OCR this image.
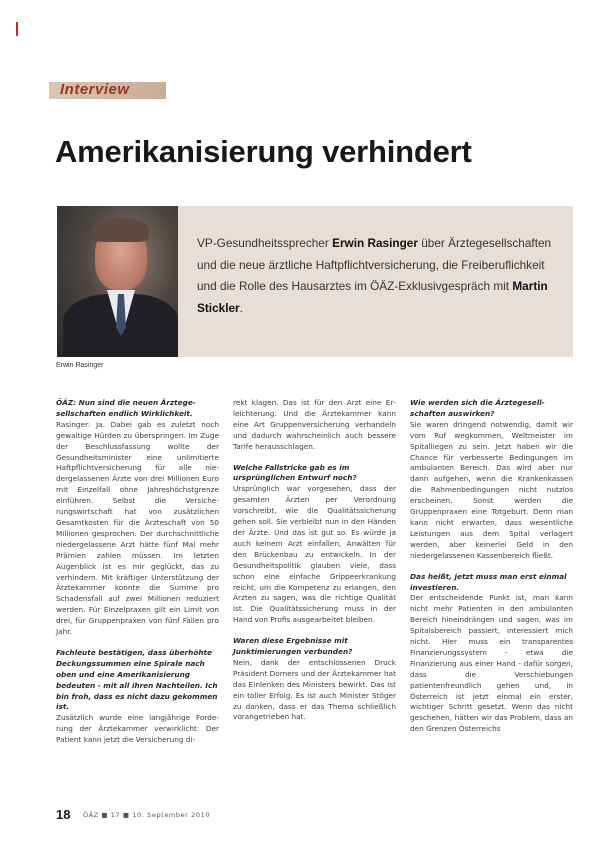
Interview
Amerikanisierung verhindert
VP-Gesundheitssprecher Erwin Rasinger über Ärztegesellschaften und die neue ärztliche Haftpflichtversicherung, die Freiberuflichkeit und die Rolle des Hausarztes im ÖÄZ-Exklusivgespräch mit Martin Stickler.
Erwin Rasinger

ÖÄZ: Nun sind die neuen Ärztegesellschaften endlich Wirklichkeit.

Rasinger: Ja. Dabei gab es zuletzt noch gewaltige Hürden zu überspringen. Im Zuge der Beschlussfassung wollte der Gesundheitsminister eine unlimitierte Haftpflichtversicherung für alle niedergelassenen Ärzte von drei Millionen Euro mit Einzelfall ohne Jahreshöchstgrenze einführen. Selbst die Versicherungswirtschaft hat von zusätzlichen Gesamtkosten für die Ärzteschaft von 50 Millionen gesprochen. Der durchschnittliche niedergelassene Arzt hätte fünf Mal mehr Prämien zahlen müssen. Im letzten Augenblick ist es mir geglückt, das zu verhindern. Mit kräftiger Unterstützung der Ärztekammer konnte die Summe pro Schadensfall auf zwei Millionen reduziert werden. Für Einzelpraxen gilt ein Limit von drei, für Gruppenpraxen von fünf Fällen pro Jahr.

Fachleute bestätigen, dass überhöhte Deckungssummen eine Spirale nach oben und eine Amerikanisierung bedeuten - mit all ihren Nachteilen. Ich bin froh, dass es nicht dazu gekommen ist.

Zusätzlich wurde eine langjährige Forderung der Ärztekammer verwirklicht: Der Patient kann jetzt die Versicherung di-

rekt klagen. Das ist für den Arzt eine Erleichterung. Und die Ärztekammer kann eine Art Gruppenversicherung verhandeln und dadurch wahrscheinlich auch bessere Tarife herausschlagen.

Welche Fallstricke gab es im ursprünglichen Entwurf noch?

Ursprünglich war vorgesehen, dass der gesamten Ärzten per Verordnung vorschreibt, wie die Qualitätssicherung gehen soll. Sie verbleibt nun in den Händen der Ärzte. Und das ist gut so. Es würde ja auch keinem Arzt einfallen, Anwälten für den Brückenbau zu entwickeln. In der Gesundheitspolitik glauben viele, dass schon eine einfache Grippeerkrankung reicht, um die Kompetenz zu erlangen, den Ärzten zu sagen, was die richtige Qualität ist. Die Qualitätssicherung muss in der Hand von Profis ausgearbeitet bleiben.

Waren diese Ergebnisse mit Junktimierungen verbunden?

Nein, dank der entschlossenen Druck Präsident Dorners und der Ärztekammer hat das Einlenken des Ministers bewirkt. Das ist ein toller Erfolg. Es ist auch Minister Stöger zu danken, dass er das Thema schließlich vorangetrieben hat.

Wie werden sich die Ärztegesellschaften auswirken?

Sie waren dringend notwendig, damit wir vom Ruf wegkommen, Weltmeister im Spitalliegen zu sein. Jetzt haben wir die Chance für verbesserte Bedingungen im ambulanten Bereich. Das wird aber nur dann aufgehen, wenn die Krankenkassen die Rahmenbedingungen nicht nutzlos erscheinen. Sonst werden die Gruppenpraxen eine Totgeburt. Denn man kann nicht erwarten, dass wesentliche Leistungen aus dem Spital verlagert werden, aber keinerlei Geld in den niedergelassenen Kassenbereich fließt.

Das heißt, jetzt muss man erst einmal investieren.

Der entscheidende Punkt ist, man kann nicht mehr Patienten in den ambulanten Bereich hineindrängen und sagen, was im Spitalsbereich passiert, interessiert mich nicht. Hier muss ein transparentes Finanzierungssystem - etwa die Finanzierung aus einer Hand - dafür sorgen, dass die Verschiebungen patientenfreundlich gehen und, in Österreich ist jetzt einmal ein erster, wichtiger Schritt gesetzt. Wenn das nicht geschehen, hätten wir das Problem, dass an den Grenzen Österreichs

18 ÖÄZ ■ 17 ■ 10. September 2010
